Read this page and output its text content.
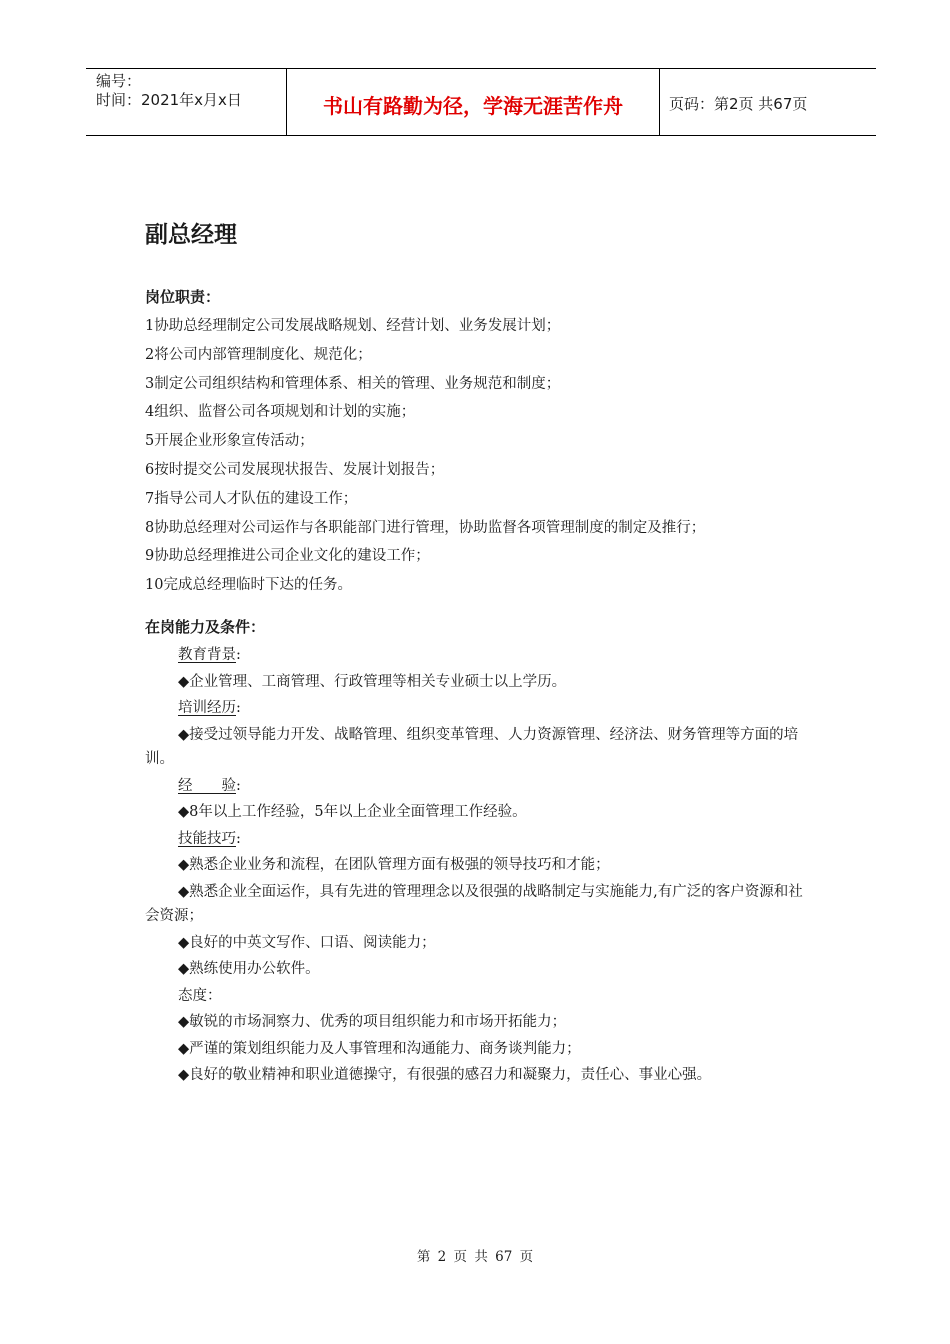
编号：
时间：2021年x月x日	书山有路勤为径，学海无涯苦作舟	页码：第2页 共67页
副总经理
岗位职责：
1协助总经理制定公司发展战略规划、经营计划、业务发展计划；
2将公司内部管理制度化、规范化；
3制定公司组织结构和管理体系、相关的管理、业务规范和制度；
4组织、监督公司各项规划和计划的实施；
5开展企业形象宣传活动；
6按时提交公司发展现状报告、发展计划报告；
7指导公司人才队伍的建设工作；
8协助总经理对公司运作与各职能部门进行管理，协助监督各项管理制度的制定及推行；
9协助总经理推进公司企业文化的建设工作；
10完成总经理临时下达的任务。
在岗能力及条件：
教育背景:
◆企业管理、工商管理、行政管理等相关专业硕士以上学历。
培训经历:
◆接受过领导能力开发、战略管理、组织变革管理、人力资源管理、经济法、财务管理等方面的培训。
经　　验:
◆8年以上工作经验，5年以上企业全面管理工作经验。
技能技巧:
◆熟悉企业业务和流程，在团队管理方面有极强的领导技巧和才能；
◆熟悉企业全面运作，具有先进的管理理念以及很强的战略制定与实施能力,有广泛的客户资源和社会资源；
◆良好的中英文写作、口语、阅读能力；
◆熟练使用办公软件。
态度：
◆敏锐的市场洞察力、优秀的项目组织能力和市场开拓能力；
◆严谨的策划组织能力及人事管理和沟通能力、商务谈判能力；
◆良好的敬业精神和职业道德操守，有很强的感召力和凝聚力，责任心、事业心强。
第 2 页 共 67 页
